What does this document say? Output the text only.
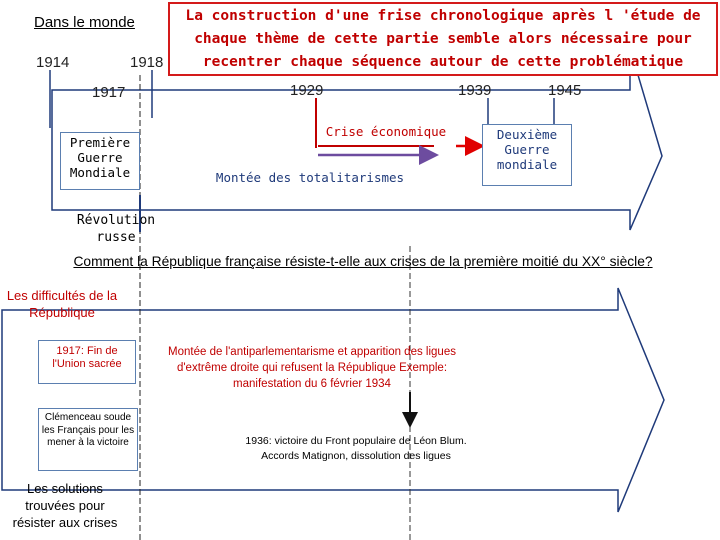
Dans le monde	La construction d'une frise chronologique après l 'étude de
chaque thème de cette partie semble alors nécessaire pour
recentrer chaque séquence autour de cette problématique
1914	1918
1917	1929	1939	1945
Première Guerre Mondiale
Crise économique
Montée des totalitarismes
Deuxième Guerre mondiale
Révolution russe
Comment la République française résiste-t-elle aux crises de la première moitié du XX° siècle?
Les difficultés de la République
1917: Fin de l'Union sacrée
Clémenceau soude les Français pour les mener à la victoire
Les solutions trouvées pour résister aux crises
Montée de l'antiparlementarisme et apparition des ligues d'extrême droite qui refusent la République Exemple: manifestation du 6 février 1934
1936: victoire du Front populaire de Léon Blum. Accords Matignon, dissolution des ligues
